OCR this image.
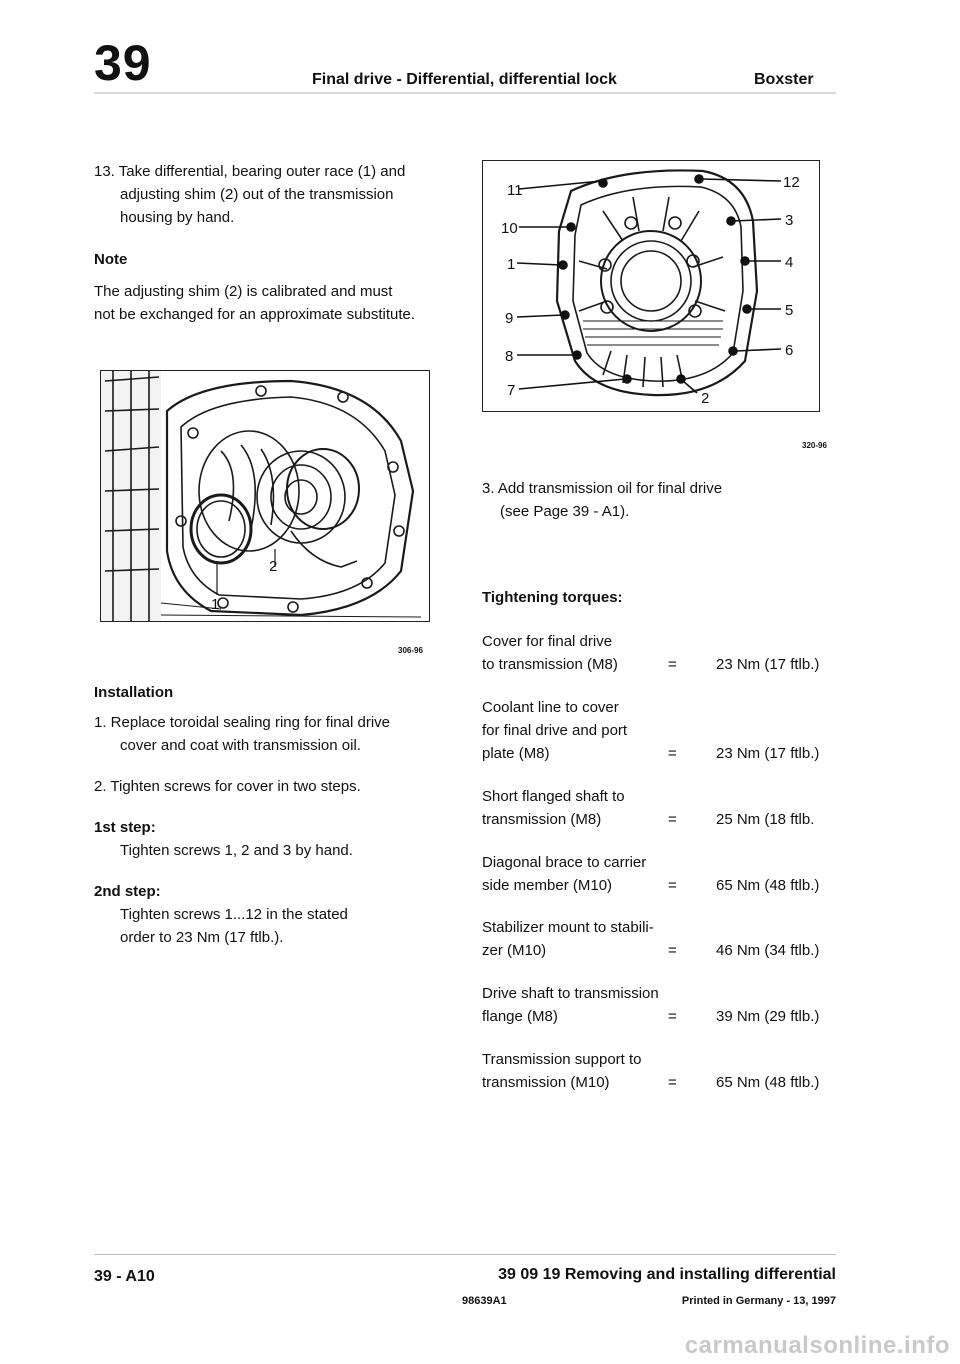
39	Final drive - Differential, differential lock	Boxster
13. Take differential, bearing outer race (1) and
adjusting shim (2) out of the transmission
housing by hand.
Note
The adjusting shim (2) is calibrated and must
not be exchanged for an approximate substitute.
1
2
306-96
Installation
1. Replace toroidal sealing ring for final drive
cover and coat with transmission oil.
2. Tighten screws for cover in two steps.
1st step:
Tighten screws 1, 2 and 3 by hand.
2nd step:
Tighten screws 1...12 in the stated
order to 23 Nm (17 ftlb.).
11	12
10	3
1	4
9	5
8	6
7	2
320-96
3. Add transmission oil for final drive
(see Page 39 - A1).
Tightening torques:
Cover for final drive
to transmission (M8)	=	23 Nm (17 ftlb.)
Coolant line to cover
for final drive and port
plate (M8)	=	23 Nm (17 ftlb.)
Short flanged shaft to
transmission (M8)	=	25 Nm (18 ftlb.
Diagonal brace to carrier
side member (M10)	=	65 Nm (48 ftlb.)
Stabilizer mount to stabili-
zer (M10)	=	46 Nm (34 ftlb.)
Drive shaft to transmission
flange (M8)	=	39 Nm (29 ftlb.)
Transmission support to
transmission (M10)	=	65 Nm (48 ftlb.)
39 - A10	39 09 19 Removing and installing differential
98639A1	Printed in Germany - 13, 1997
carmanualsonline.info
